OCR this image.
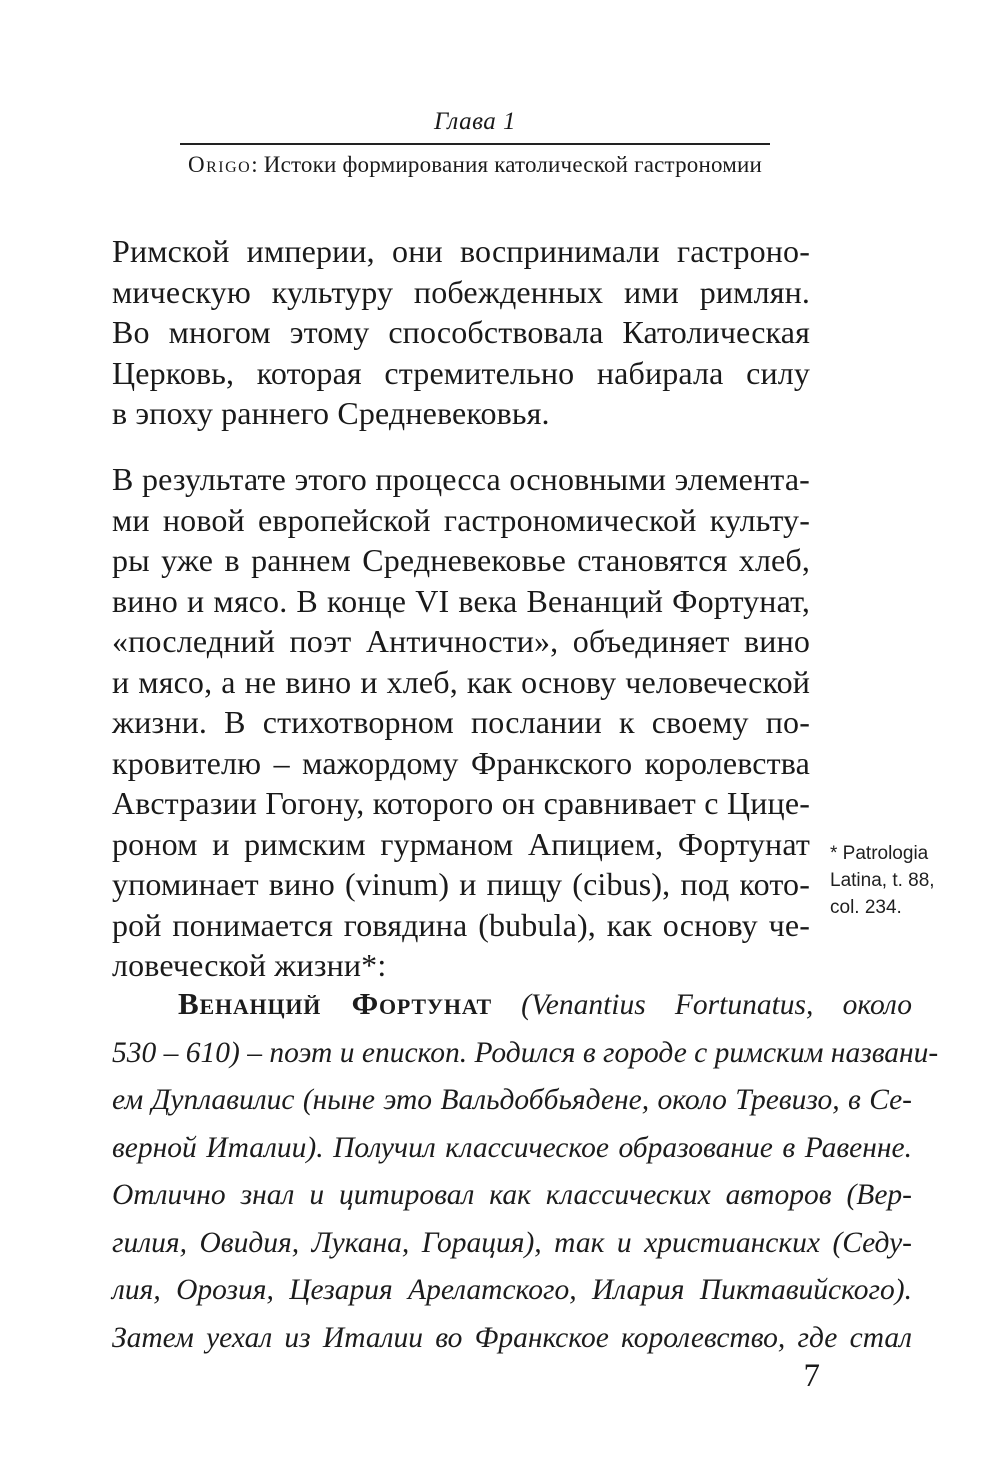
Глава 1
Origo: Истоки формирования католической гастрономии
Римской империи, они воспринимали гастроно-
мическую культуру побежденных ими римлян.
Во многом этому способствовала Католическая
Церковь, которая стремительно набирала силу
в эпоху раннего Средневековья.
В результате этого процесса основными элемента-
ми новой европейской гастрономической культу-
ры уже в раннем Средневековье становятся хлеб,
вино и мясо. В конце VI века Венанций Фортунат,
«последний поэт Античности», объединяет вино
и мясо, а не вино и хлеб, как основу человеческой
жизни. В стихотворном послании к своему по-
кровителю – мажордому Франкского королевства
Австразии Гогону, которого он сравнивает с Цице-
роном и римским гурманом Апицием, Фортунат
упоминает вино (vinum) и пищу (cibus), под кото-
рой понимается говядина (bubula), как основу че-
ловеческой жизни*:
* Patrologia
Latina, t. 88,
col. 234.
Венанций Фортунат (Venantius Fortunatus, около
530 – 610) – поэт и епископ. Родился в городе с римским названи-
ем Дуплавилис (ныне это Вальдоббьядене, около Тревизо, в Се-
верной Италии). Получил классическое образование в Равенне.
Отлично знал и цитировал как классических авторов (Вер-
гилия, Овидия, Лукана, Горация), так и христианских (Седу-
лия, Орозия, Цезария Арелатского, Илария Пиктавийского).
Затем уехал из Италии во Франкское королевство, где стал
7
